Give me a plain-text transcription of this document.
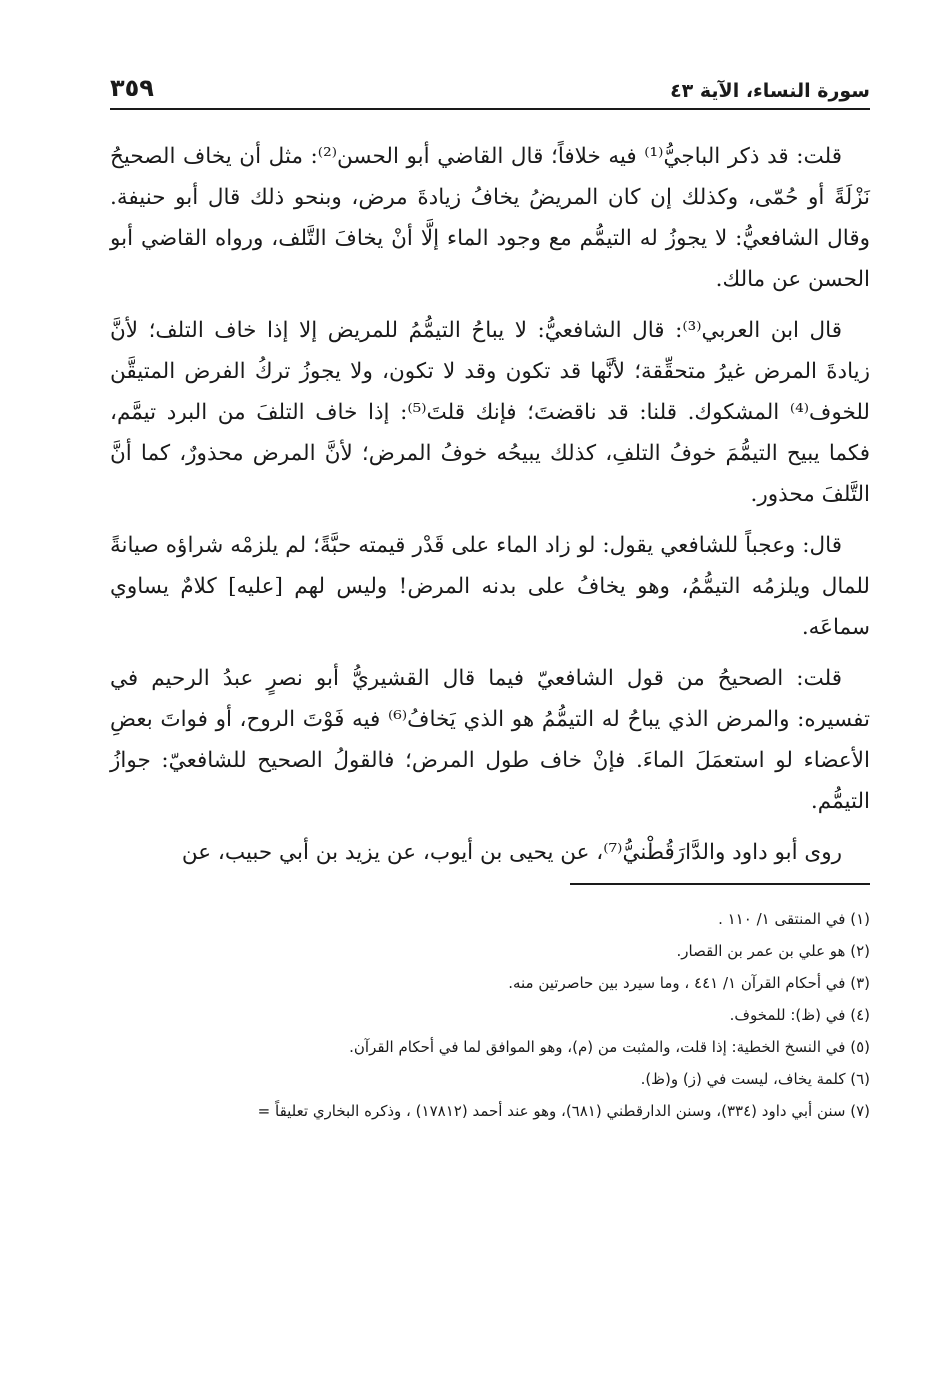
سورة النساء، الآية ٤٣
٣٥٩

قلت: قد ذكر الباجيُّ⁽¹⁾ فيه خلافاً؛ قال القاضي أبو الحسن⁽²⁾: مثل أن يخاف الصحيحُ نَزْلَةً أو حُمّى، وكذلك إن كان المريضُ يخافُ زيادةَ مرض، وبنحو ذلك قال أبو حنيفة. وقال الشافعيُّ: لا يجوزُ له التيمُّم مع وجود الماء إلَّا أنْ يخافَ التَّلف، ورواه القاضي أبو الحسن عن مالك.

قال ابن العربي⁽³⁾: قال الشافعيُّ: لا يباحُ التيمُّمُ للمريض إلا إذا خاف التلف؛ لأنَّ زيادةَ المرض غيرُ متحقِّقة؛ لأنَّها قد تكون وقد لا تكون، ولا يجوزُ تركُ الفرض المتيقَّن للخوف⁽⁴⁾ المشكوك. قلنا: قد ناقضتَ؛ فإنك قلتَ⁽⁵⁾: إذا خاف التلفَ من البرد تيمَّم، فكما يبيح التيمُّمَ خوفُ التلفِ، كذلك يبيحُه خوفُ المرض؛ لأنَّ المرض محذورٌ، كما أنَّ التَّلفَ محذور.

قال: وعجباً للشافعي يقول: لو زاد الماء على قَدْر قيمته حبَّةً؛ لم يلزمْه شراؤه صيانةً للمال ويلزمُه التيمُّمُ، وهو يخافُ على بدنه المرض! وليس لهم [عليه] كلامٌ يساوي سماعَه.

قلت: الصحيحُ من قول الشافعيّ فيما قال القشيريُّ أبو نصرٍ عبدُ الرحيم في تفسيره: والمرض الذي يباحُ له التيمُّمُ هو الذي يَخافُ⁽⁶⁾ فيه فَوْتَ الروح، أو فواتَ بعضِ الأعضاء لو استعمَلَ الماءَ. فإنْ خاف طول المرض؛ فالقولُ الصحيح للشافعيّ: جوازُ التيمُّم.

روى أبو داود والدَّارَقُطْنيُّ⁽⁷⁾، عن يحيى بن أيوب، عن يزيد بن أبي حبيب، عن

(١) في المنتقى ١/ ١١٠ .
(٢) هو علي بن عمر بن القصار.
(٣) في أحكام القرآن ١/ ٤٤١ ، وما سيرد بين حاصرتين منه.
(٤) في (ظ): للمخوف.
(٥) في النسخ الخطية: إذا قلت، والمثبت من (م)، وهو الموافق لما في أحكام القرآن.
(٦) كلمة يخاف، ليست في (ز) و(ظ).
(٧) سنن أبي داود (٣٣٤)، وسنن الدارقطني (٦٨١)، وهو عند أحمد (١٧٨١٢) ، وذكره البخاري تعليقاً =
